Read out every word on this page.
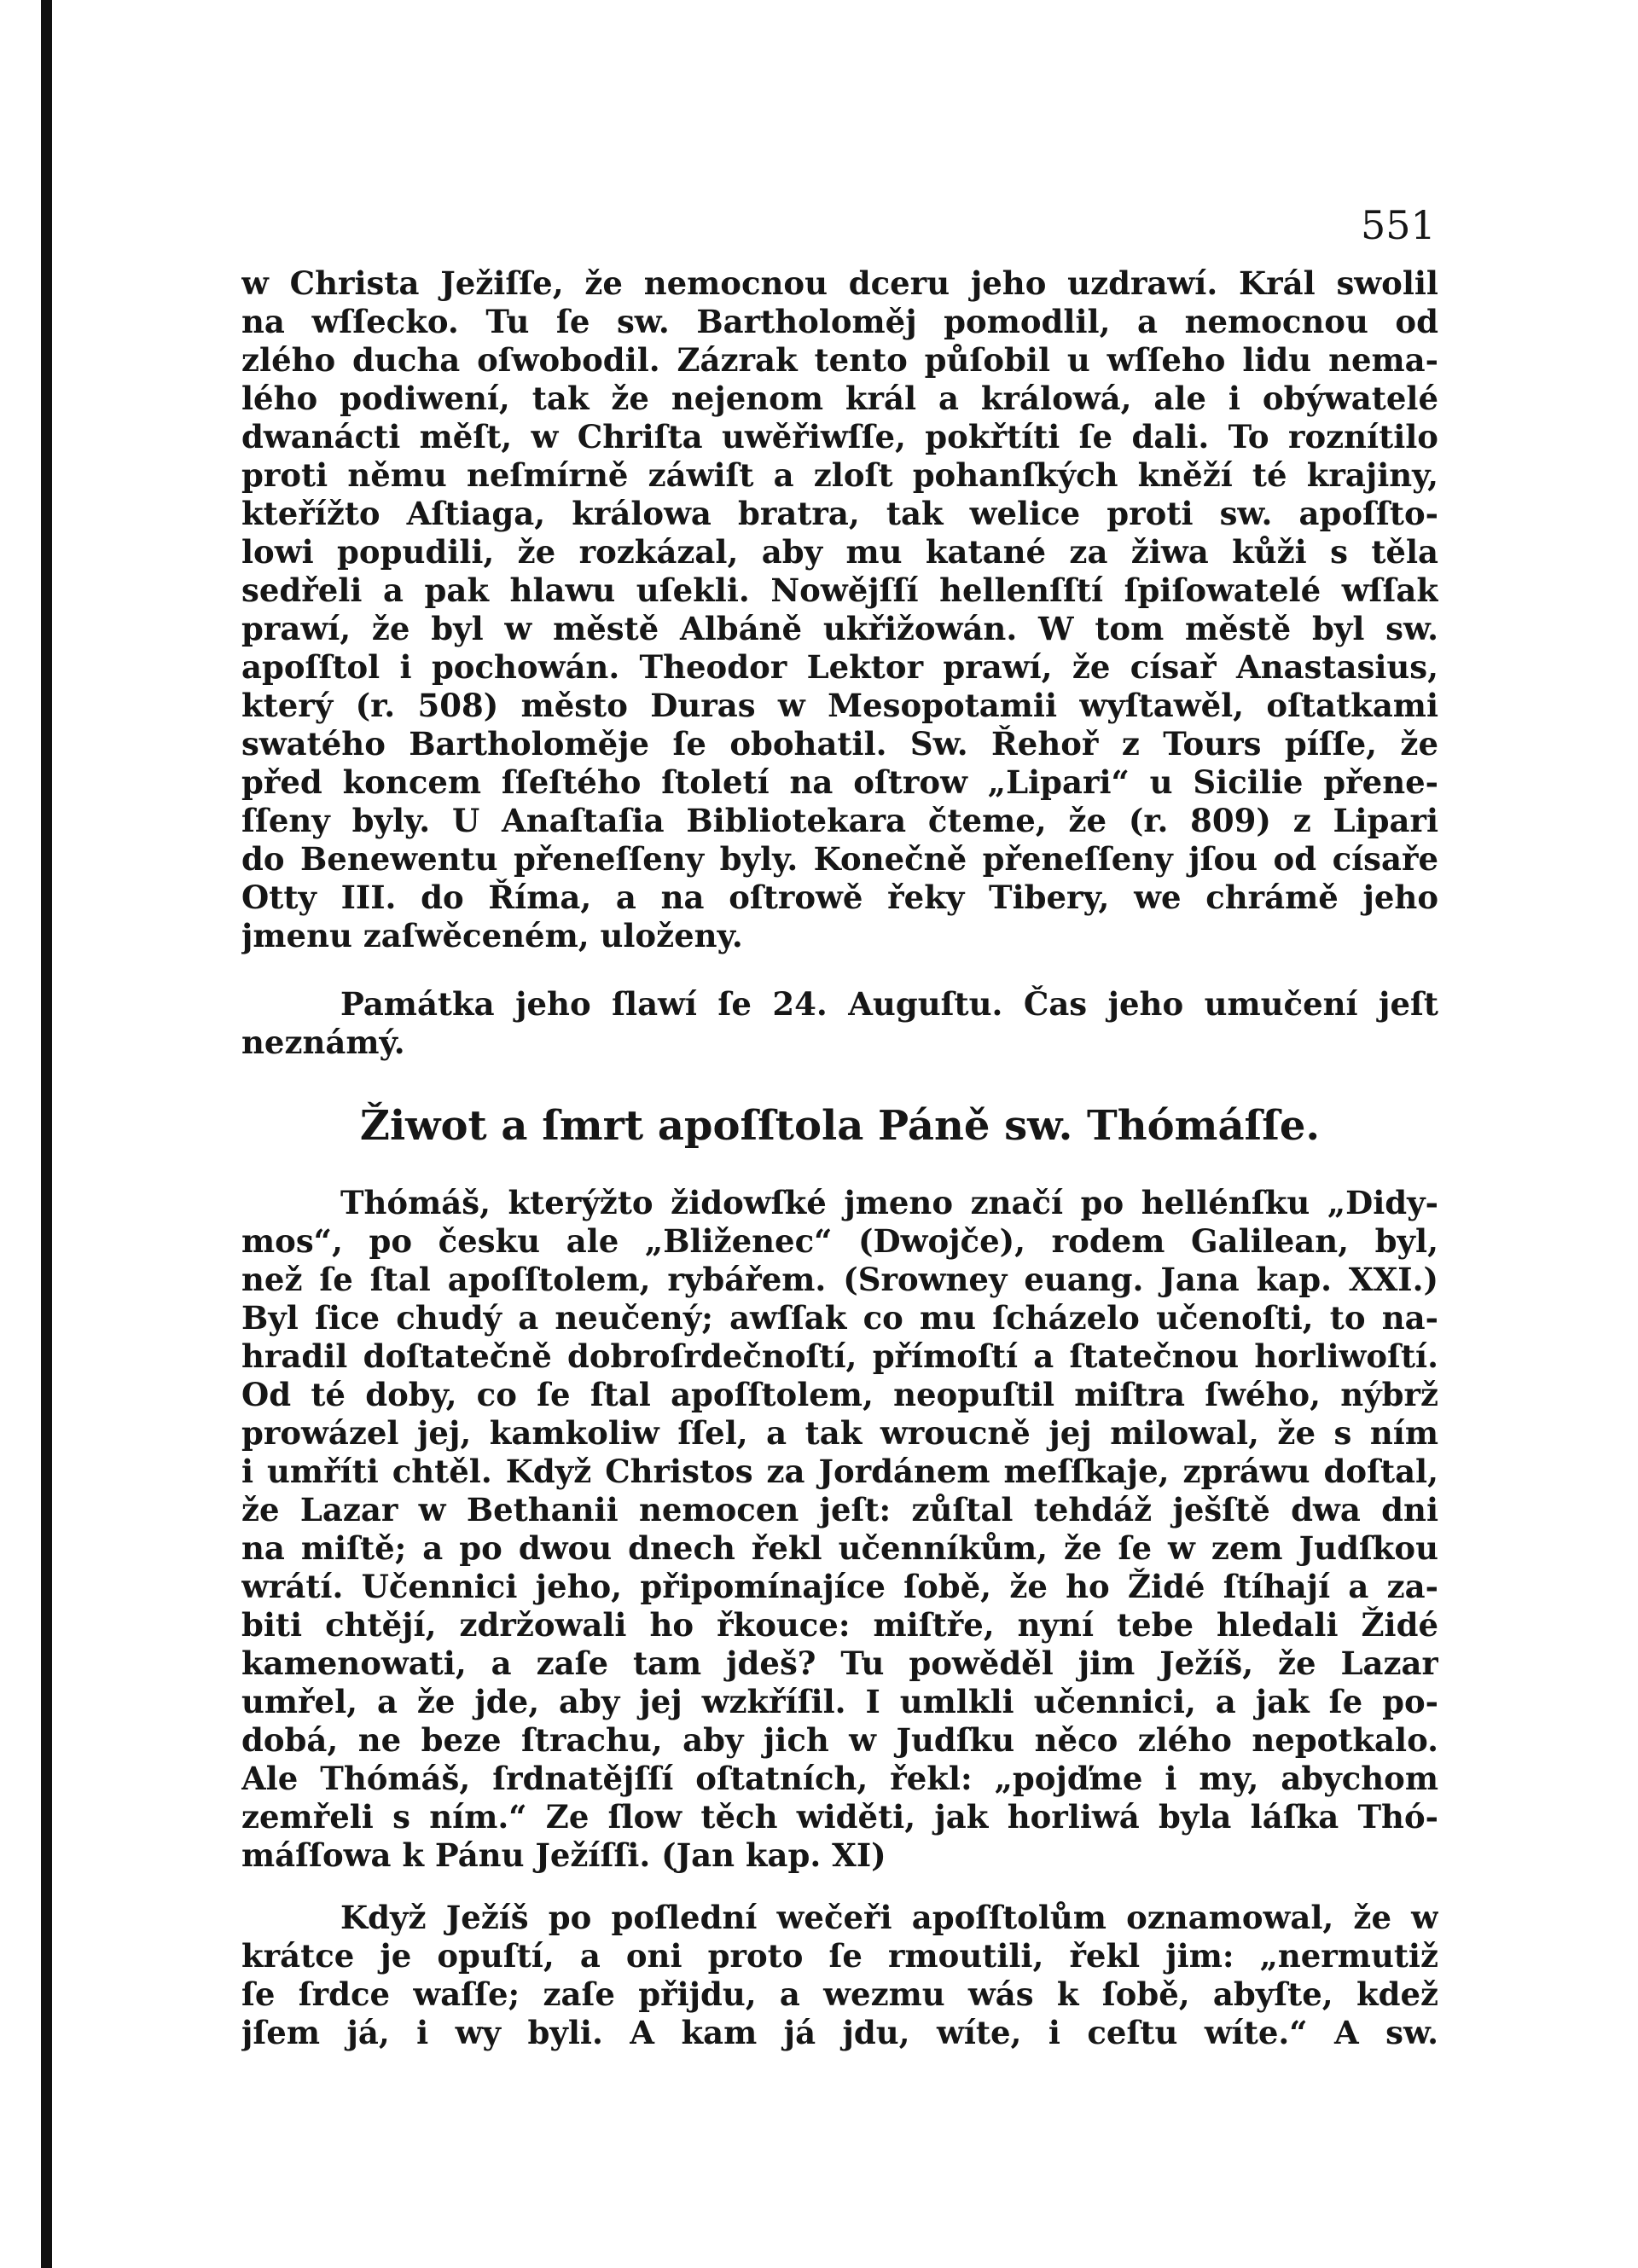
551
w Christa Ježiſſe, že nemocnou dceru jeho uzdrawí. Král swolil
na wſſecko. Tu ſe sw. Bartholoměj pomodlil, a nemocnou od
zlého ducha oſwobodil. Zázrak tento půſobil u wſſeho lidu nema-
lého podiwení, tak že nejenom král a králowá, ale i obýwatelé
dwanácti měſt, w Chriſta uwěřiwſſe, pokřtíti ſe dali. To roznítilo
proti němu neſmírně záwiſt a zloſt pohanſkých kněží té krajiny,
kteřížto Aſtiaga, králowa bratra, tak welice proti sw. apoſſto-
lowi popudili, že rozkázal, aby mu katané za žiwa kůži s těla
sedřeli a pak hlawu uſekli. Nowějſſí hellenſſtí ſpiſowatelé wſſak
prawí, že byl w městě Albáně ukřižowán. W tom městě byl sw.
apoſſtol i pochowán. Theodor Lektor prawí, že císař Anastasius,
který (r. 508) město Duras w Mesopotamii wyſtawěl, oſtatkami
swatého Bartholoměje ſe obohatil. Sw. Řehoř z Tours píſſe, že
před koncem ſſeſtého ſtoletí na oſtrow „Lipari“ u Sicilie přene-
ſſeny byly. U Anaſtaſia Bibliotekara čteme, že (r. 809) z Lipari
do Benewentu přeneſſeny byly. Konečně přeneſſeny jſou od císaře
Otty III. do Říma, a na oſtrowě řeky Tibery, we chrámě jeho
jmenu zaſwěceném, uloženy.
Památka jeho ſlawí ſe 24. Auguſtu. Čas jeho umučení jeſt
neznámý.
Žiwot a ſmrt apoſſtola Páně sw. Thómáſſe.
Thómáš, kterýžto židowſké jmeno značí po hellénſku „Didy-
mos“, po česku ale „Bliženec“ (Dwojče), rodem Galilean, byl,
než ſe ſtal apoſſtolem, rybářem. (Srowney euang. Jana kap. XXI.)
Byl ſice chudý a neučený; awſſak co mu ſcházelo učenoſti, to na-
hradil doſtatečně dobroſrdečnoſtí, přímoſtí a ſtatečnou horliwoſtí.
Od té doby, co ſe ſtal apoſſtolem, neopuſtil miſtra ſwého, nýbrž
prowázel jej, kamkoliw ſſel, a tak wroucně jej milowal, že s ním
i umříti chtěl. Když Christos za Jordánem meſſkaje, zpráwu doſtal,
že Lazar w Bethanii nemocen jeſt: zůſtal tehdáž ješſtě dwa dni
na miſtě; a po dwou dnech řekl učenníkům, že ſe w zem Judſkou
wrátí. Učennici jeho, připomínajíce ſobě, že ho Židé ſtíhají a za-
biti chtějí, zdržowali ho řkouce: miſtře, nyní tebe hledali Židé
kamenowati, a zaſe tam jdeš? Tu powěděl jim Ježíš, že Lazar
umřel, a že jde, aby jej wzkříſil. I umlkli učennici, a jak ſe po-
dobá, ne beze ſtrachu, aby jich w Judſku něco zlého nepotkalo.
Ale Thómáš, ſrdnatějſſí oſtatních, řekl: „pojďme i my, abychom
zemřeli s ním.“ Ze ſlow těch widěti, jak horliwá byla láſka Thó-
máſſowa k Pánu Ježíſſi. (Jan kap. XI)
Když Ježíš po poſlední wečeři apoſſtolům oznamowal, že w
krátce je opuſtí, a oni proto ſe rmoutili, řekl jim: „nermutiž
ſe ſrdce waſſe; zaſe přijdu, a wezmu wás k ſobě, abyſte, kdež
jſem já, i wy byli. A kam já jdu, wíte, i ceſtu wíte.“ A sw.
